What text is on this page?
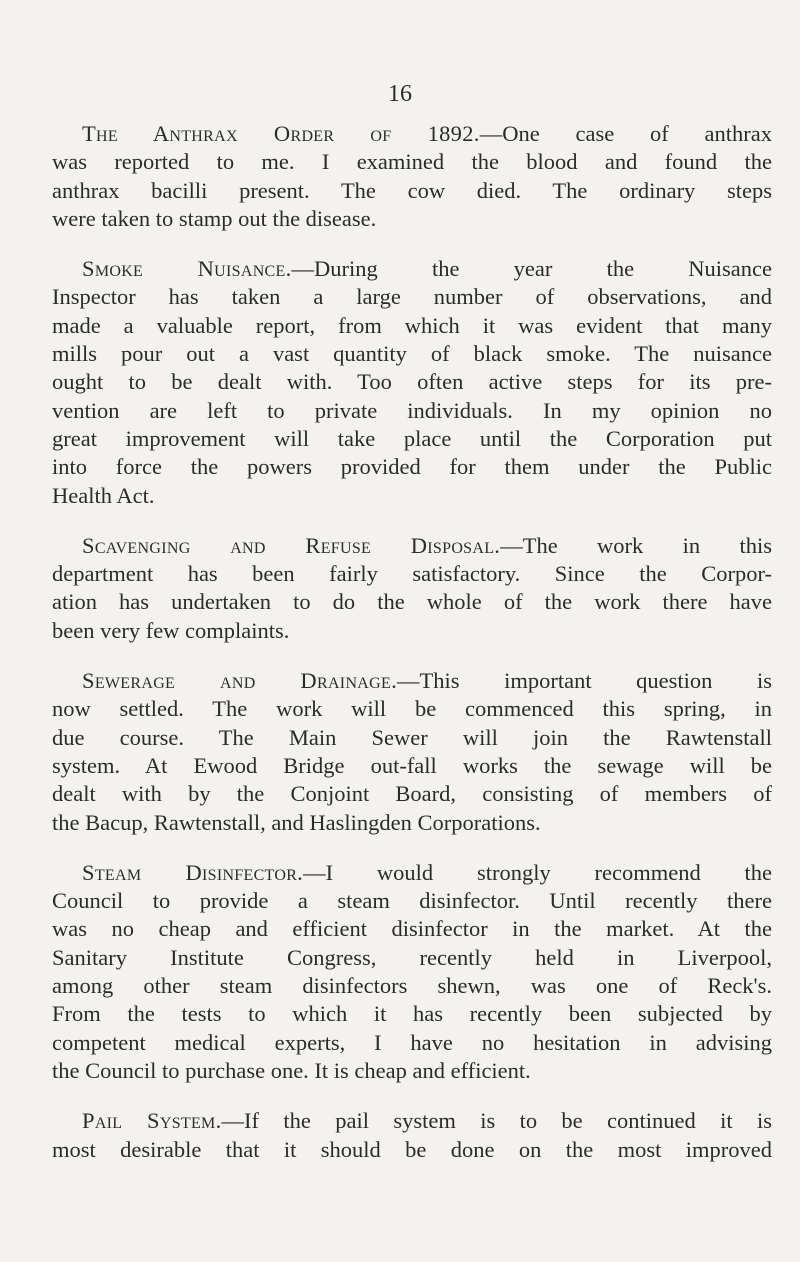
16
The Anthrax Order of 1892.—One case of anthrax
was reported to me. I examined the blood and found the
anthrax bacilli present. The cow died. The ordinary steps
were taken to stamp out the disease.
Smoke Nuisance.—During the year the Nuisance
Inspector has taken a large number of observations, and
made a valuable report, from which it was evident that many
mills pour out a vast quantity of black smoke. The nuisance
ought to be dealt with. Too often active steps for its pre-
vention are left to private individuals. In my opinion no
great improvement will take place until the Corporation put
into force the powers provided for them under the Public
Health Act.
Scavenging and Refuse Disposal.—The work in this
department has been fairly satisfactory. Since the Corpor-
ation has undertaken to do the whole of the work there have
been very few complaints.
Sewerage and Drainage.—This important question is
now settled. The work will be commenced this spring, in
due course. The Main Sewer will join the Rawtenstall
system. At Ewood Bridge out-fall works the sewage will be
dealt with by the Conjoint Board, consisting of members of
the Bacup, Rawtenstall, and Haslingden Corporations.
Steam Disinfector.—I would strongly recommend the
Council to provide a steam disinfector. Until recently there
was no cheap and efficient disinfector in the market. At the
Sanitary Institute Congress, recently held in Liverpool,
among other steam disinfectors shewn, was one of Reck's.
From the tests to which it has recently been subjected by
competent medical experts, I have no hesitation in advising
the Council to purchase one. It is cheap and efficient.
Pail System.—If the pail system is to be continued it is
most desirable that it should be done on the most improved
